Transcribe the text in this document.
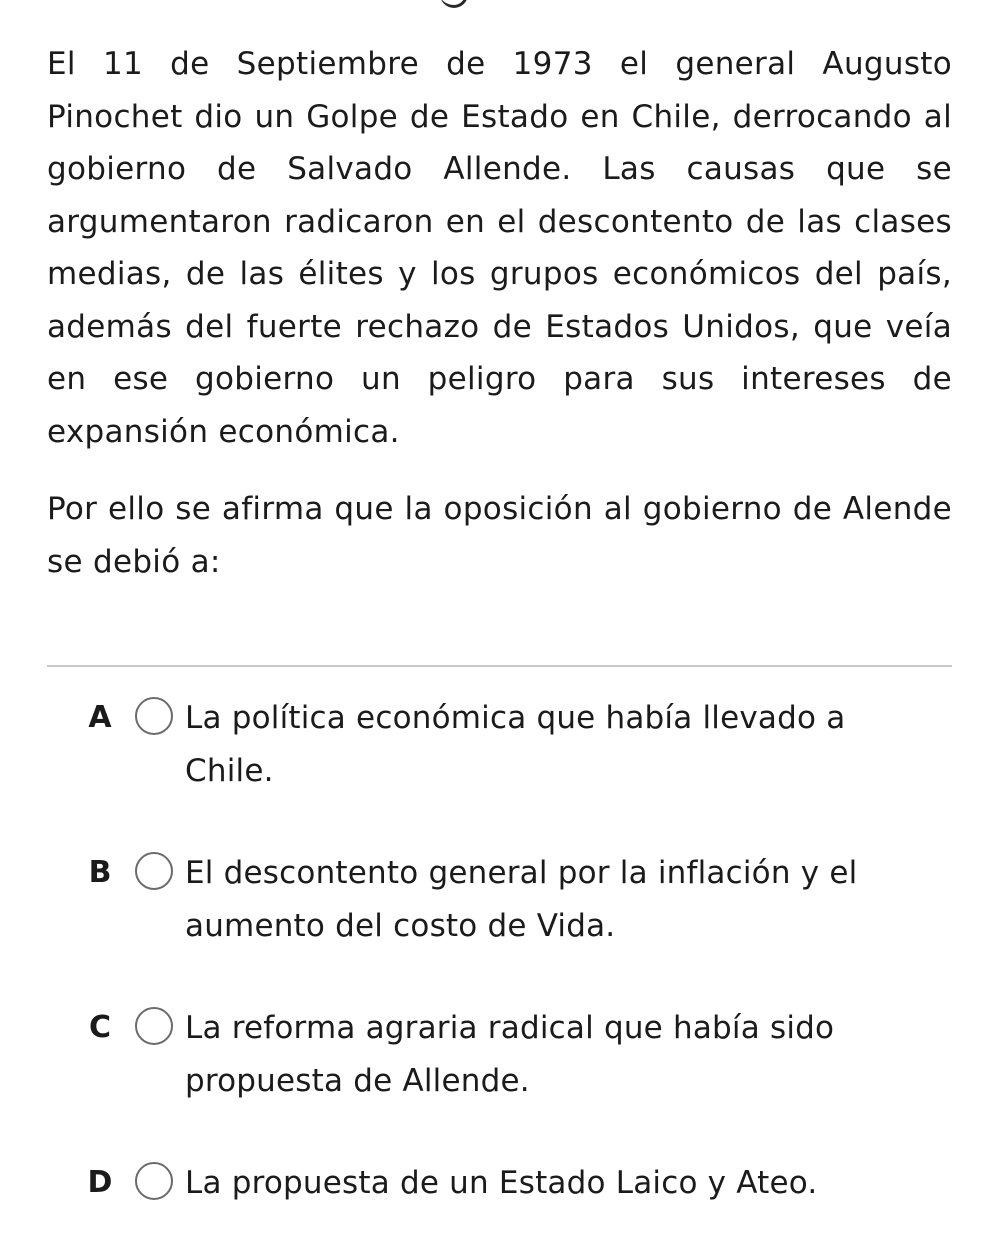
El 11 de Septiembre de 1973 el general Augusto Pinochet dio un Golpe de Estado en Chile, derrocando al gobierno de Salvado Allende. Las causas que se argumentaron radicaron en el descontento de las clases medias, de las élites y los grupos económicos del país, además del fuerte rechazo de Estados Unidos, que veía en ese gobierno un peligro para sus intereses de expansión económica.

Por ello se afirma que la oposición al gobierno de Alende se debió a:

A La política económica que había llevado a Chile.
B El descontento general por la inflación y el aumento del costo de Vida.
C La reforma agraria radical que había sido propuesta de Allende.
D La propuesta de un Estado Laico y Ateo.
